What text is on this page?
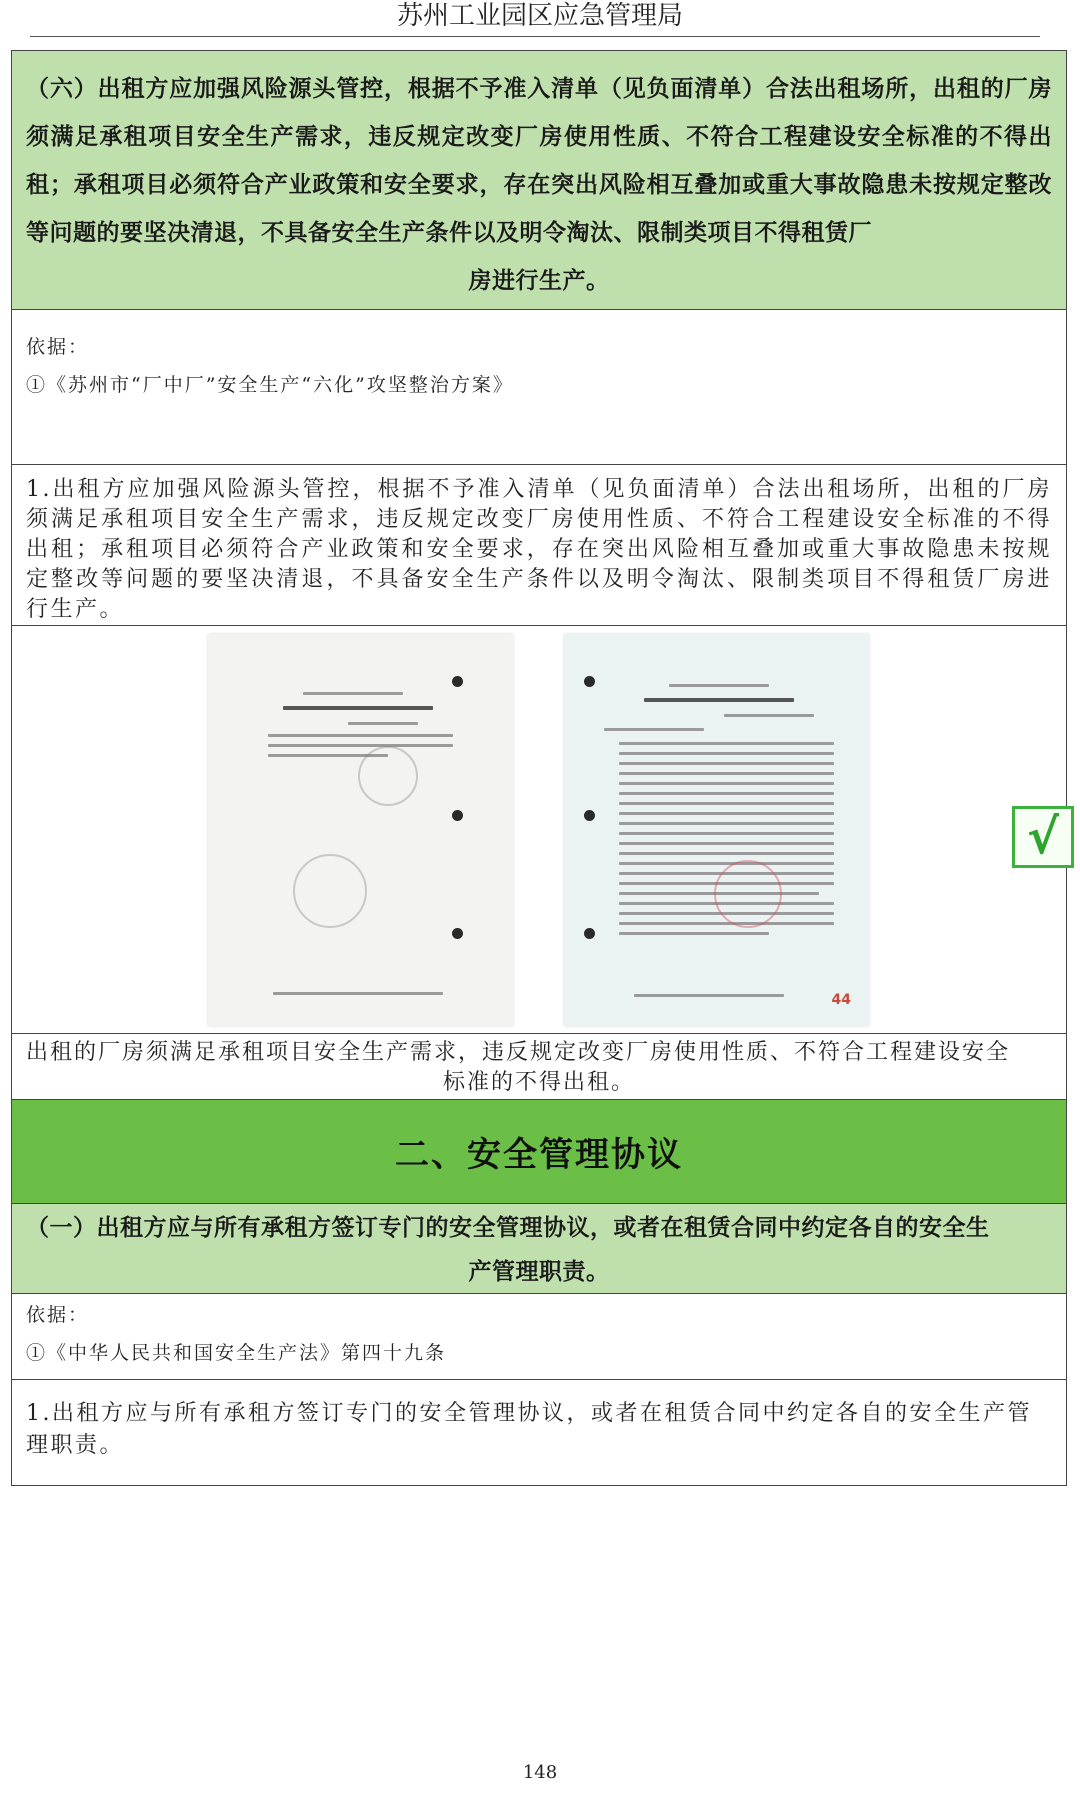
苏州工业园区应急管理局
（六）出租方应加强风险源头管控，根据不予准入清单（见负面清单）合法出租场所，出租的厂房须满足承租项目安全生产需求，违反规定改变厂房使用性质、不符合工程建设安全标准的不得出租；承租项目必须符合产业政策和安全要求，存在突出风险相互叠加或重大事故隐患未按规定整改等问题的要坚决清退，不具备安全生产条件以及明令淘汰、限制类项目不得租赁厂
房进行生产。
依据：
①《苏州市“厂中厂”安全生产“六化”攻坚整治方案》
1.出租方应加强风险源头管控，根据不予准入清单（见负面清单）合法出租场所，出租的厂房须满足承租项目安全生产需求，违反规定改变厂房使用性质、不符合工程建设安全标准的不得出租；承租项目必须符合产业政策和安全要求，存在突出风险相互叠加或重大事故隐患未按规定整改等问题的要坚决清退，不具备安全生产条件以及明令淘汰、限制类项目不得租赁厂房进行生产。
44
√
出租的厂房须满足承租项目安全生产需求，违反规定改变厂房使用性质、不符合工程建设安全
标准的不得出租。
二、安全管理协议
（一）出租方应与所有承租方签订专门的安全管理协议，或者在租赁合同中约定各自的安全生
产管理职责。
依据：
①《中华人民共和国安全生产法》第四十九条
1.出租方应与所有承租方签订专门的安全管理协议，或者在租赁合同中约定各自的安全生产管理职责。
148
